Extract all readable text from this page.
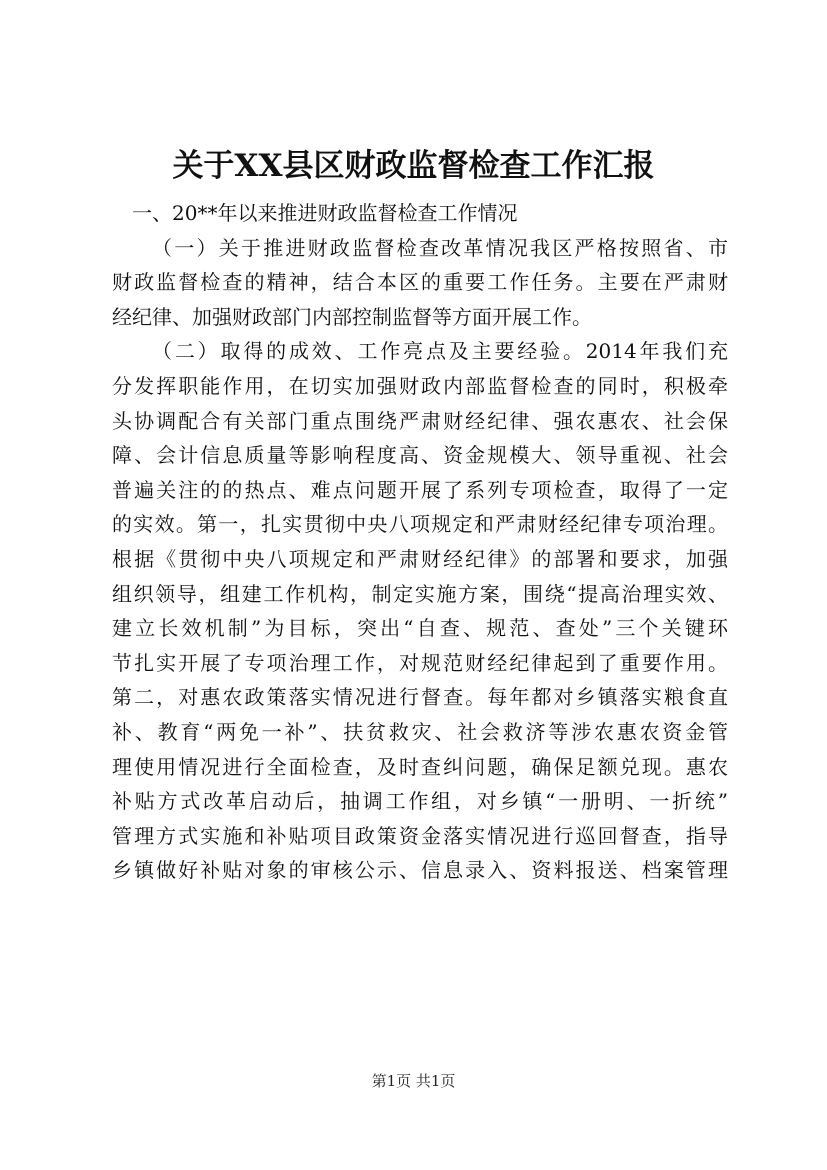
关于XX县区财政监督检查工作汇报
一、20**年以来推进财政监督检查工作情况
（一）关于推进财政监督检查改革情况我区严格按照省、市
财政监督检查的精神，结合本区的重要工作任务。主要在严肃财
经纪律、加强财政部门内部控制监督等方面开展工作。
（二）取得的成效、工作亮点及主要经验。2014年我们充
分发挥职能作用，在切实加强财政内部监督检查的同时，积极牵
头协调配合有关部门重点围绕严肃财经纪律、强农惠农、社会保
障、会计信息质量等影响程度高、资金规模大、领导重视、社会
普遍关注的的热点、难点问题开展了系列专项检查，取得了一定
的实效。第一，扎实贯彻中央八项规定和严肃财经纪律专项治理。
根据《贯彻中央八项规定和严肃财经纪律》的部署和要求，加强
组织领导，组建工作机构，制定实施方案，围绕“提高治理实效、
建立长效机制”为目标，突出“自查、规范、查处”三个关键环
节扎实开展了专项治理工作，对规范财经纪律起到了重要作用。
第二，对惠农政策落实情况进行督查。每年都对乡镇落实粮食直
补、教育“两免一补”、扶贫救灾、社会救济等涉农惠农资金管
理使用情况进行全面检查，及时查纠问题，确保足额兑现。惠农
补贴方式改革启动后，抽调工作组，对乡镇“一册明、一折统”
管理方式实施和补贴项目政策资金落实情况进行巡回督查，指导
乡镇做好补贴对象的审核公示、信息录入、资料报送、档案管理
第1页 共1页
